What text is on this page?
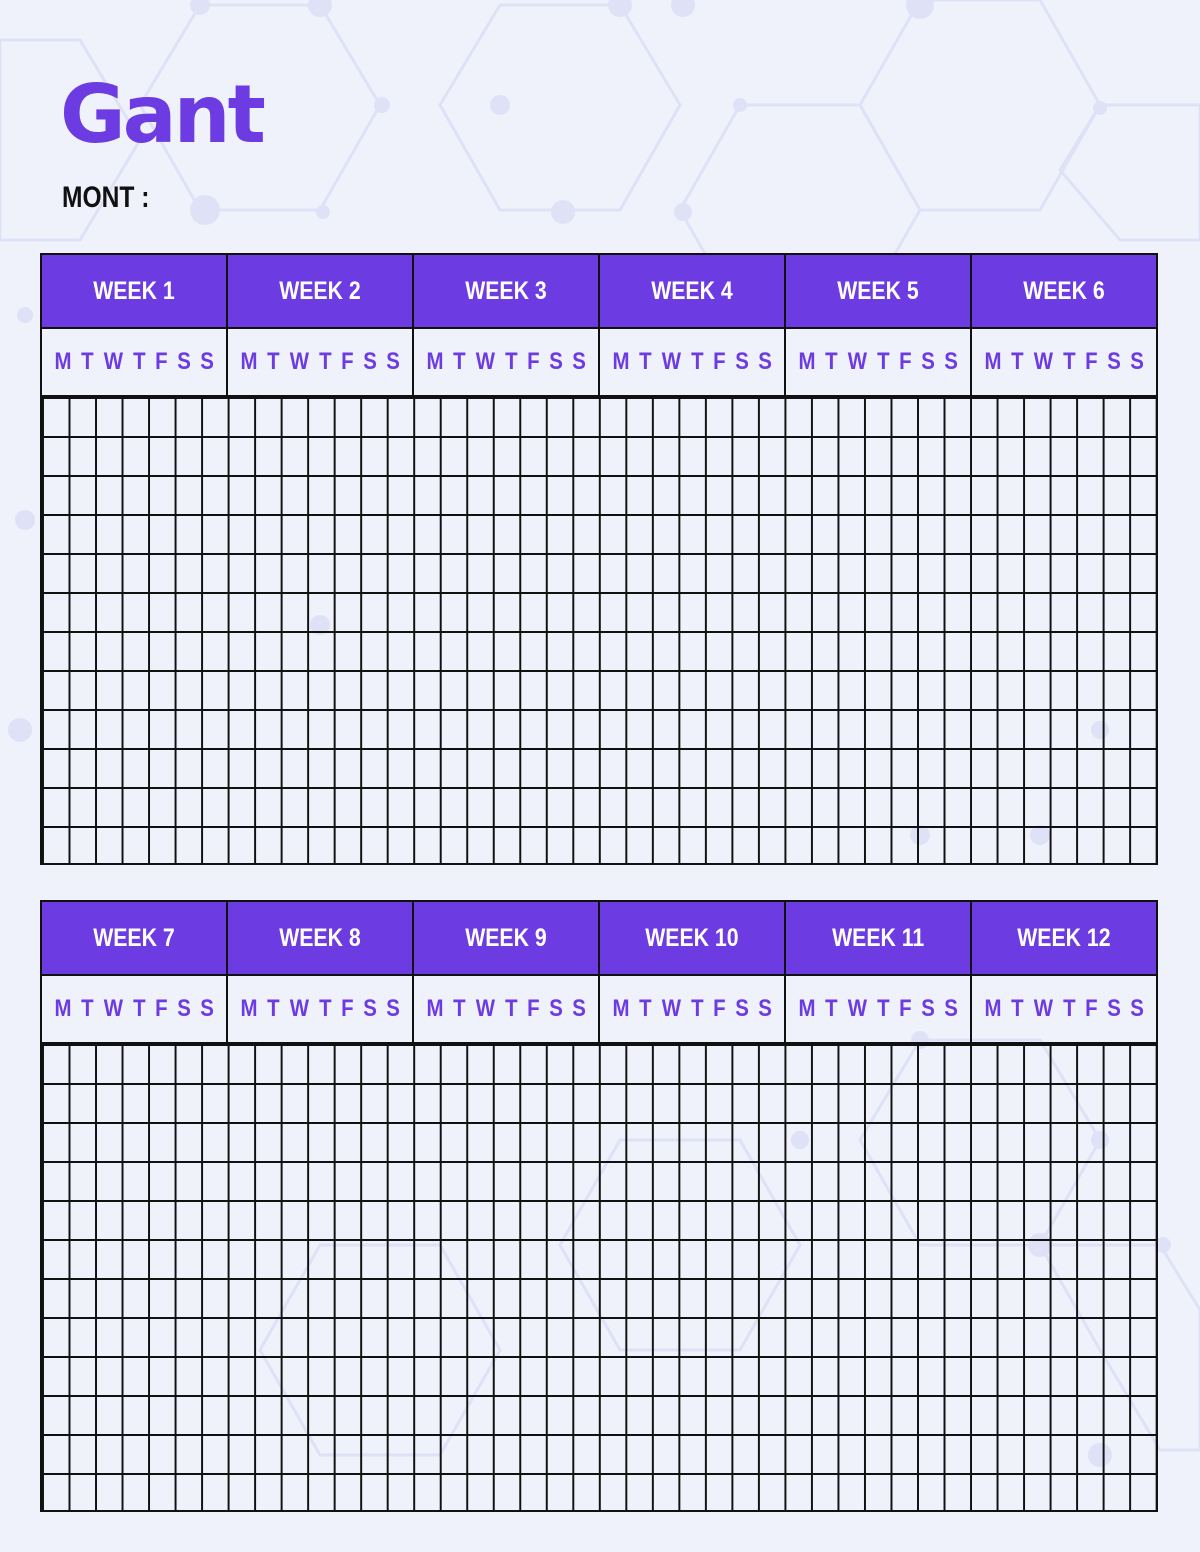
Gant
MONT :
WEEK 1	WEEK 2	WEEK 3	WEEK 4	WEEK 5	WEEK 6
M T W T F S S M T W T F S S M T W T F S S M T W T F S S M T W T F S S M T W T F S S
WEEK 7	WEEK 8	WEEK 9	WEEK 10	WEEK 11	WEEK 12
M T W T F S S M T W T F S S M T W T F S S M T W T F S S M T W T F S S M T W T F S S
